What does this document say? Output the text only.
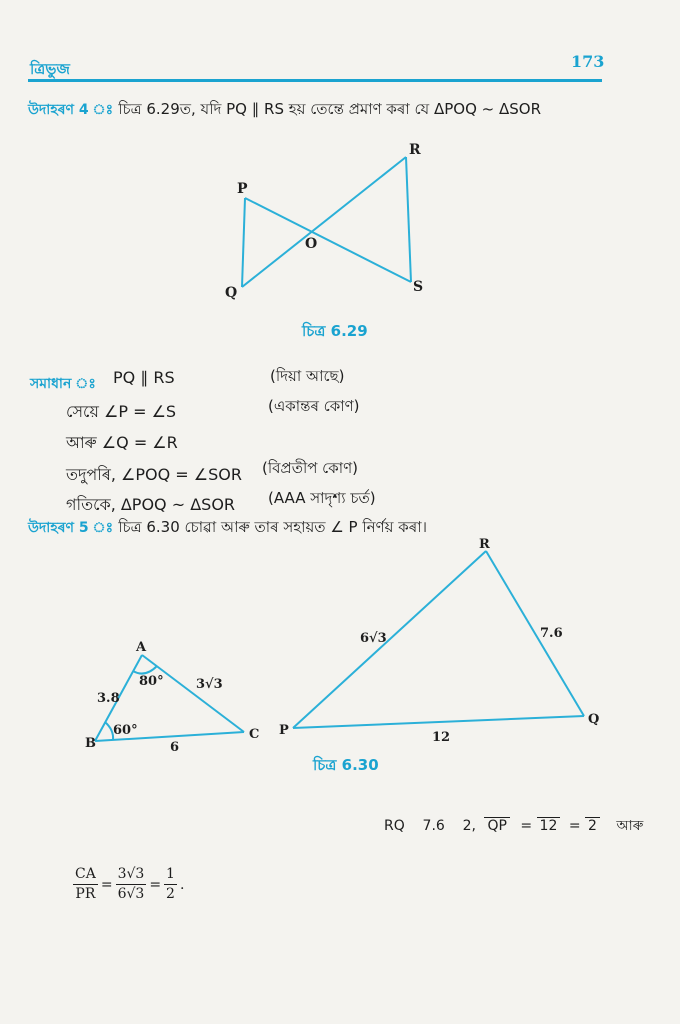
ত্ৰিভুজ	173
উদাহৰণ 4 ঃ চিত্ৰ 6.29ত, যদি PQ ∥ RS হয় তেন্তে প্ৰমাণ কৰা যে ΔPOQ ~ ΔSOR
P
Q
R
S
O
চিত্ৰ 6.29
সমাধান ঃ PQ ∥ RS	(দিয়া আছে)
সেয়ে ∠P = ∠S	(একান্তৰ কোণ)
আৰু ∠Q = ∠R
তদুপৰি, ∠POQ = ∠SOR (বিপ্ৰতীপ কোণ)
গতিকে, ΔPOQ ~ ΔSOR (AAA সাদৃশ্য চৰ্ত)
উদাহৰণ 5 ঃ চিত্ৰ 6.30 চোৱা আৰু তাৰ সহায়ত ∠ P নিৰ্ণয় কৰা।
A
B
C
3.8
3√3
6
80°
60°
R
P
Q
6√3	7.6
12
চিত্ৰ 6.30
RQ    7.6    2, QP = 12 = 2 আৰু
$\frac{CA}{PR} = \frac{3√3}{6√3} = \frac{1}{2}$ .
